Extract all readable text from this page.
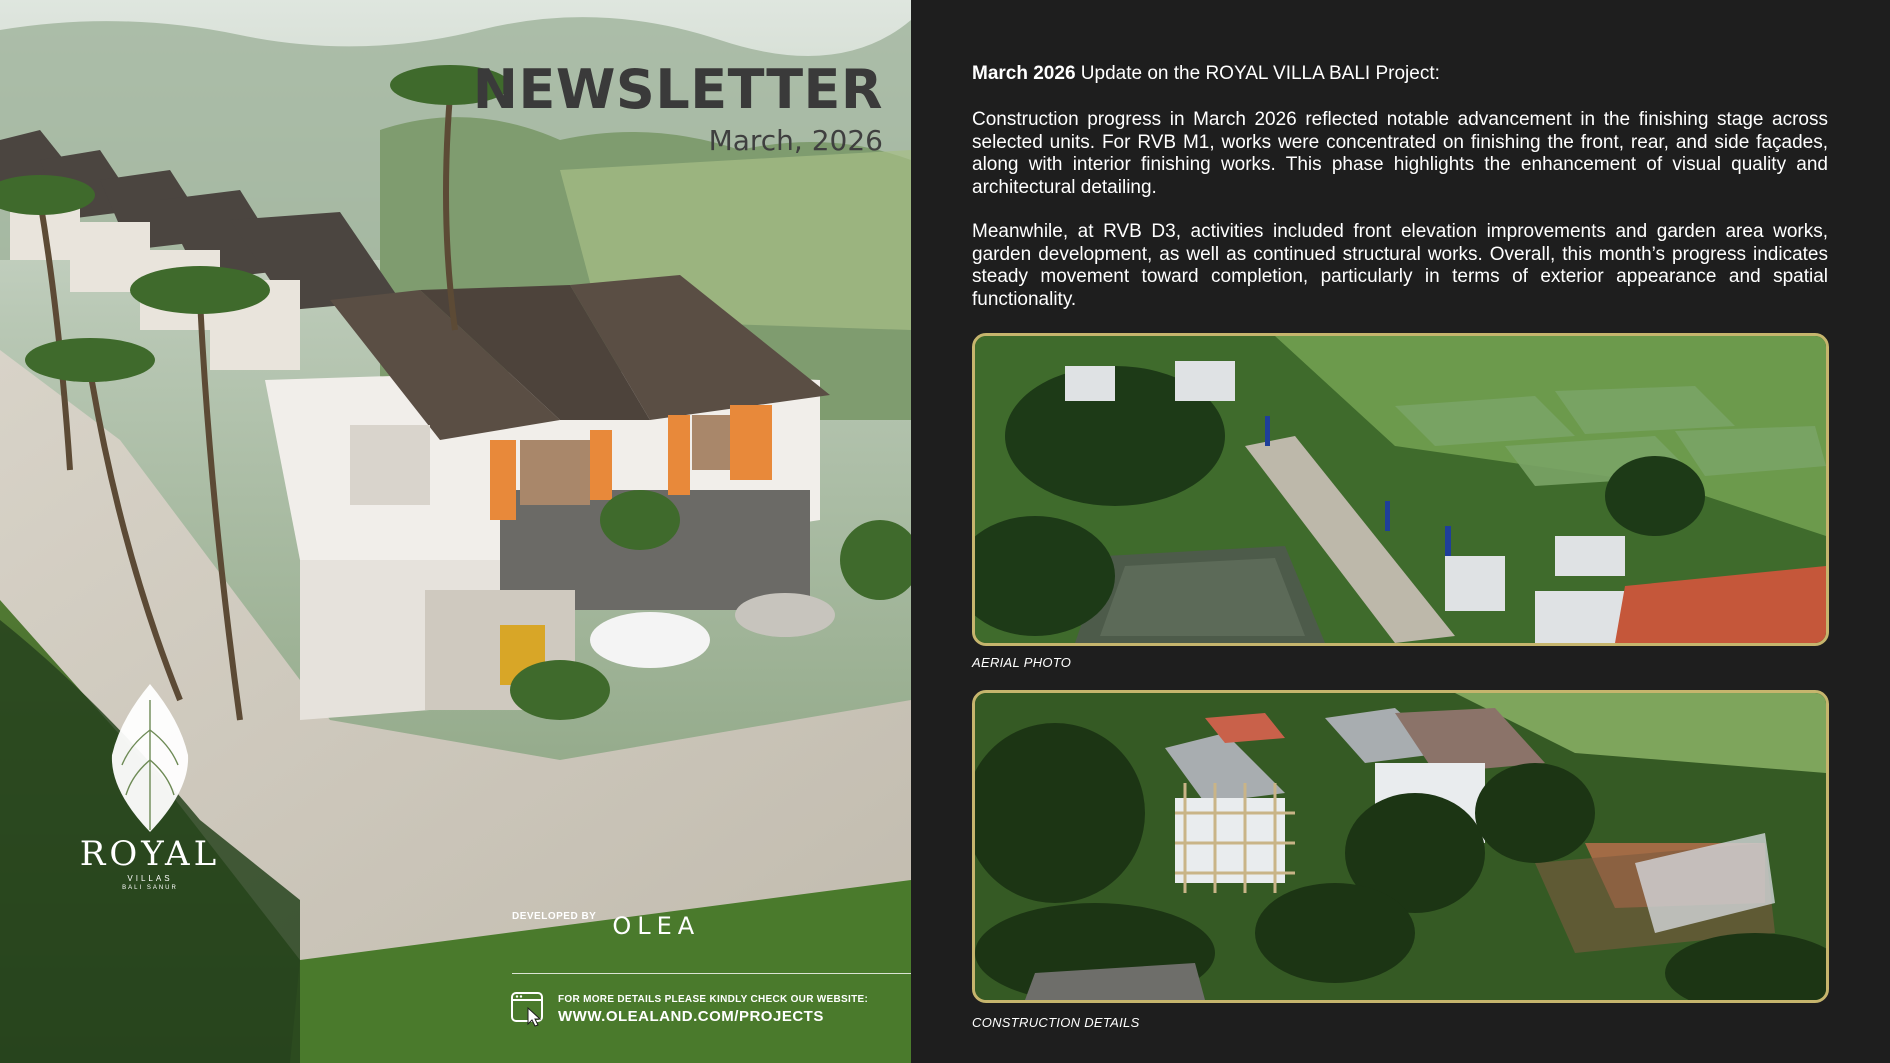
NEWSLETTER
March, 2026
ROYAL
VILLAS
BALI SANUR
DEVELOPED BY OLEA
FOR MORE DETAILS PLEASE KINDLY CHECK OUR WEBSITE:
WWW.OLEALAND.COM/PROJECTS
March 2026 Update on the ROYAL VILLA BALI Project:

Construction progress in March 2026 reflected notable advancement in the finishing stage across selected units. For RVB M1, works were concentrated on finishing the front, rear, and side façades, along with interior finishing works. This phase highlights the enhancement of visual quality and architectural detailing.

Meanwhile, at RVB D3, activities included front elevation improvements and garden area works, garden development, as well as continued structural works. Overall, this month’s progress indicates steady movement toward completion, particularly in terms of exterior appearance and spatial functionality.

AERIAL PHOTO
CONSTRUCTION DETAILS
